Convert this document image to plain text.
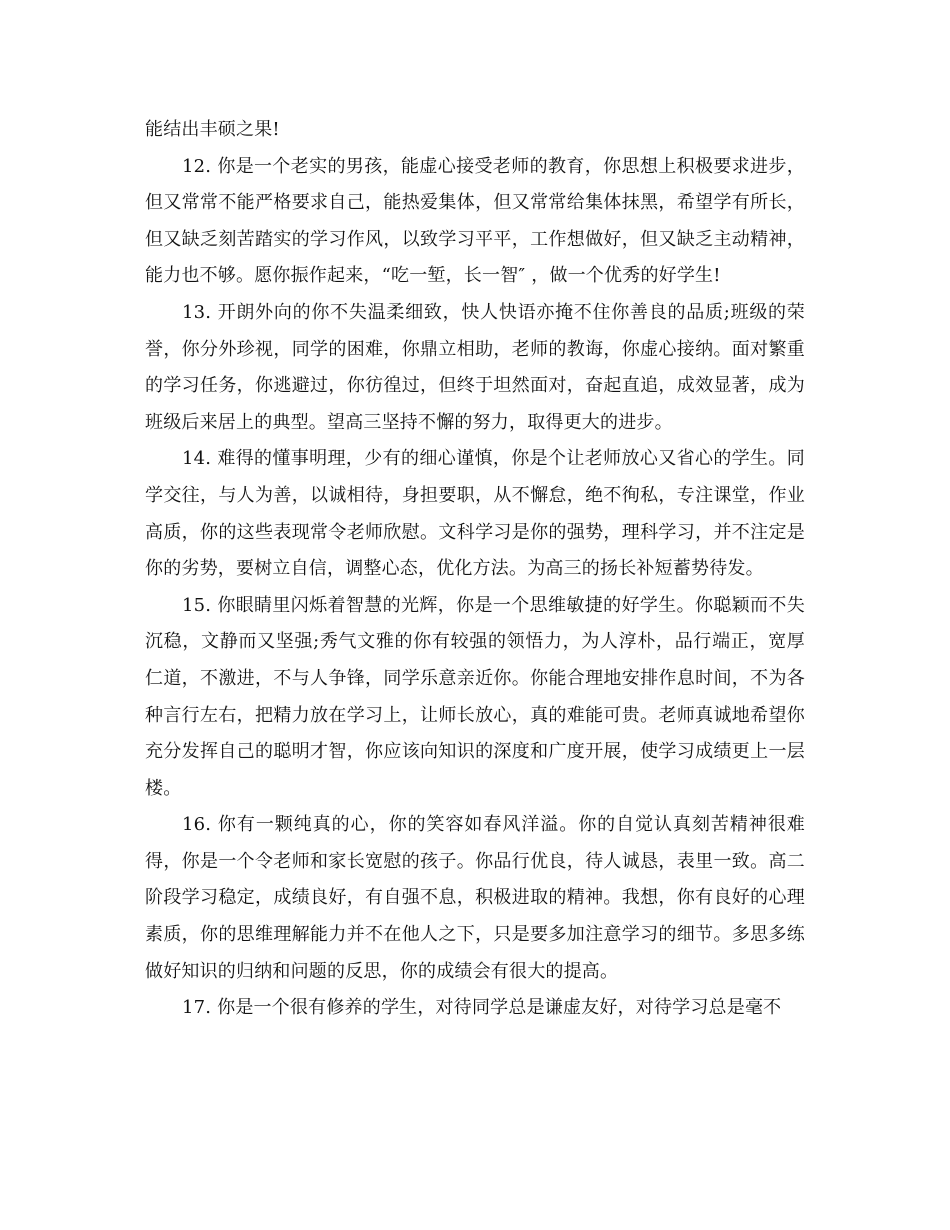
能结出丰硕之果!

12. 你是一个老实的男孩，能虚心接受老师的教育，你思想上积极要求进步，但又常常不能严格要求自己，能热爱集体，但又常常给集体抹黑，希望学有所长，但又缺乏刻苦踏实的学习作风，以致学习平平，工作想做好，但又缺乏主动精神，能力也不够。愿你振作起来，“吃一堑，长一智″ ，做一个优秀的好学生!

13. 开朗外向的你不失温柔细致，快人快语亦掩不住你善良的品质;班级的荣誉，你分外珍视，同学的困难，你鼎立相助，老师的教诲，你虚心接纳。面对繁重的学习任务，你逃避过，你彷徨过，但终于坦然面对，奋起直追，成效显著，成为班级后来居上的典型。望高三坚持不懈的努力，取得更大的进步。

14. 难得的懂事明理，少有的细心谨慎，你是个让老师放心又省心的学生。同学交往，与人为善，以诚相待，身担要职，从不懈怠，绝不徇私，专注课堂，作业高质，你的这些表现常令老师欣慰。文科学习是你的强势，理科学习，并不注定是你的劣势，要树立自信，调整心态，优化方法。为高三的扬长补短蓄势待发。

15. 你眼睛里闪烁着智慧的光辉，你是一个思维敏捷的好学生。你聪颖而不失沉稳，文静而又坚强;秀气文雅的你有较强的领悟力，为人淳朴，品行端正，宽厚仁道，不激进，不与人争锋，同学乐意亲近你。你能合理地安排作息时间，不为各种言行左右，把精力放在学习上，让师长放心，真的难能可贵。老师真诚地希望你充分发挥自己的聪明才智，你应该向知识的深度和广度开展，使学习成绩更上一层楼。

16. 你有一颗纯真的心，你的笑容如春风洋溢。你的自觉认真刻苦精神很难得，你是一个令老师和家长宽慰的孩子。你品行优良，待人诚恳，表里一致。高二阶段学习稳定，成绩良好，有自强不息，积极进取的精神。我想，你有良好的心理素质，你的思维理解能力并不在他人之下，只是要多加注意学习的细节。多思多练做好知识的归纳和问题的反思，你的成绩会有很大的提高。

17. 你是一个很有修养的学生，对待同学总是谦虚友好，对待学习总是毫不
